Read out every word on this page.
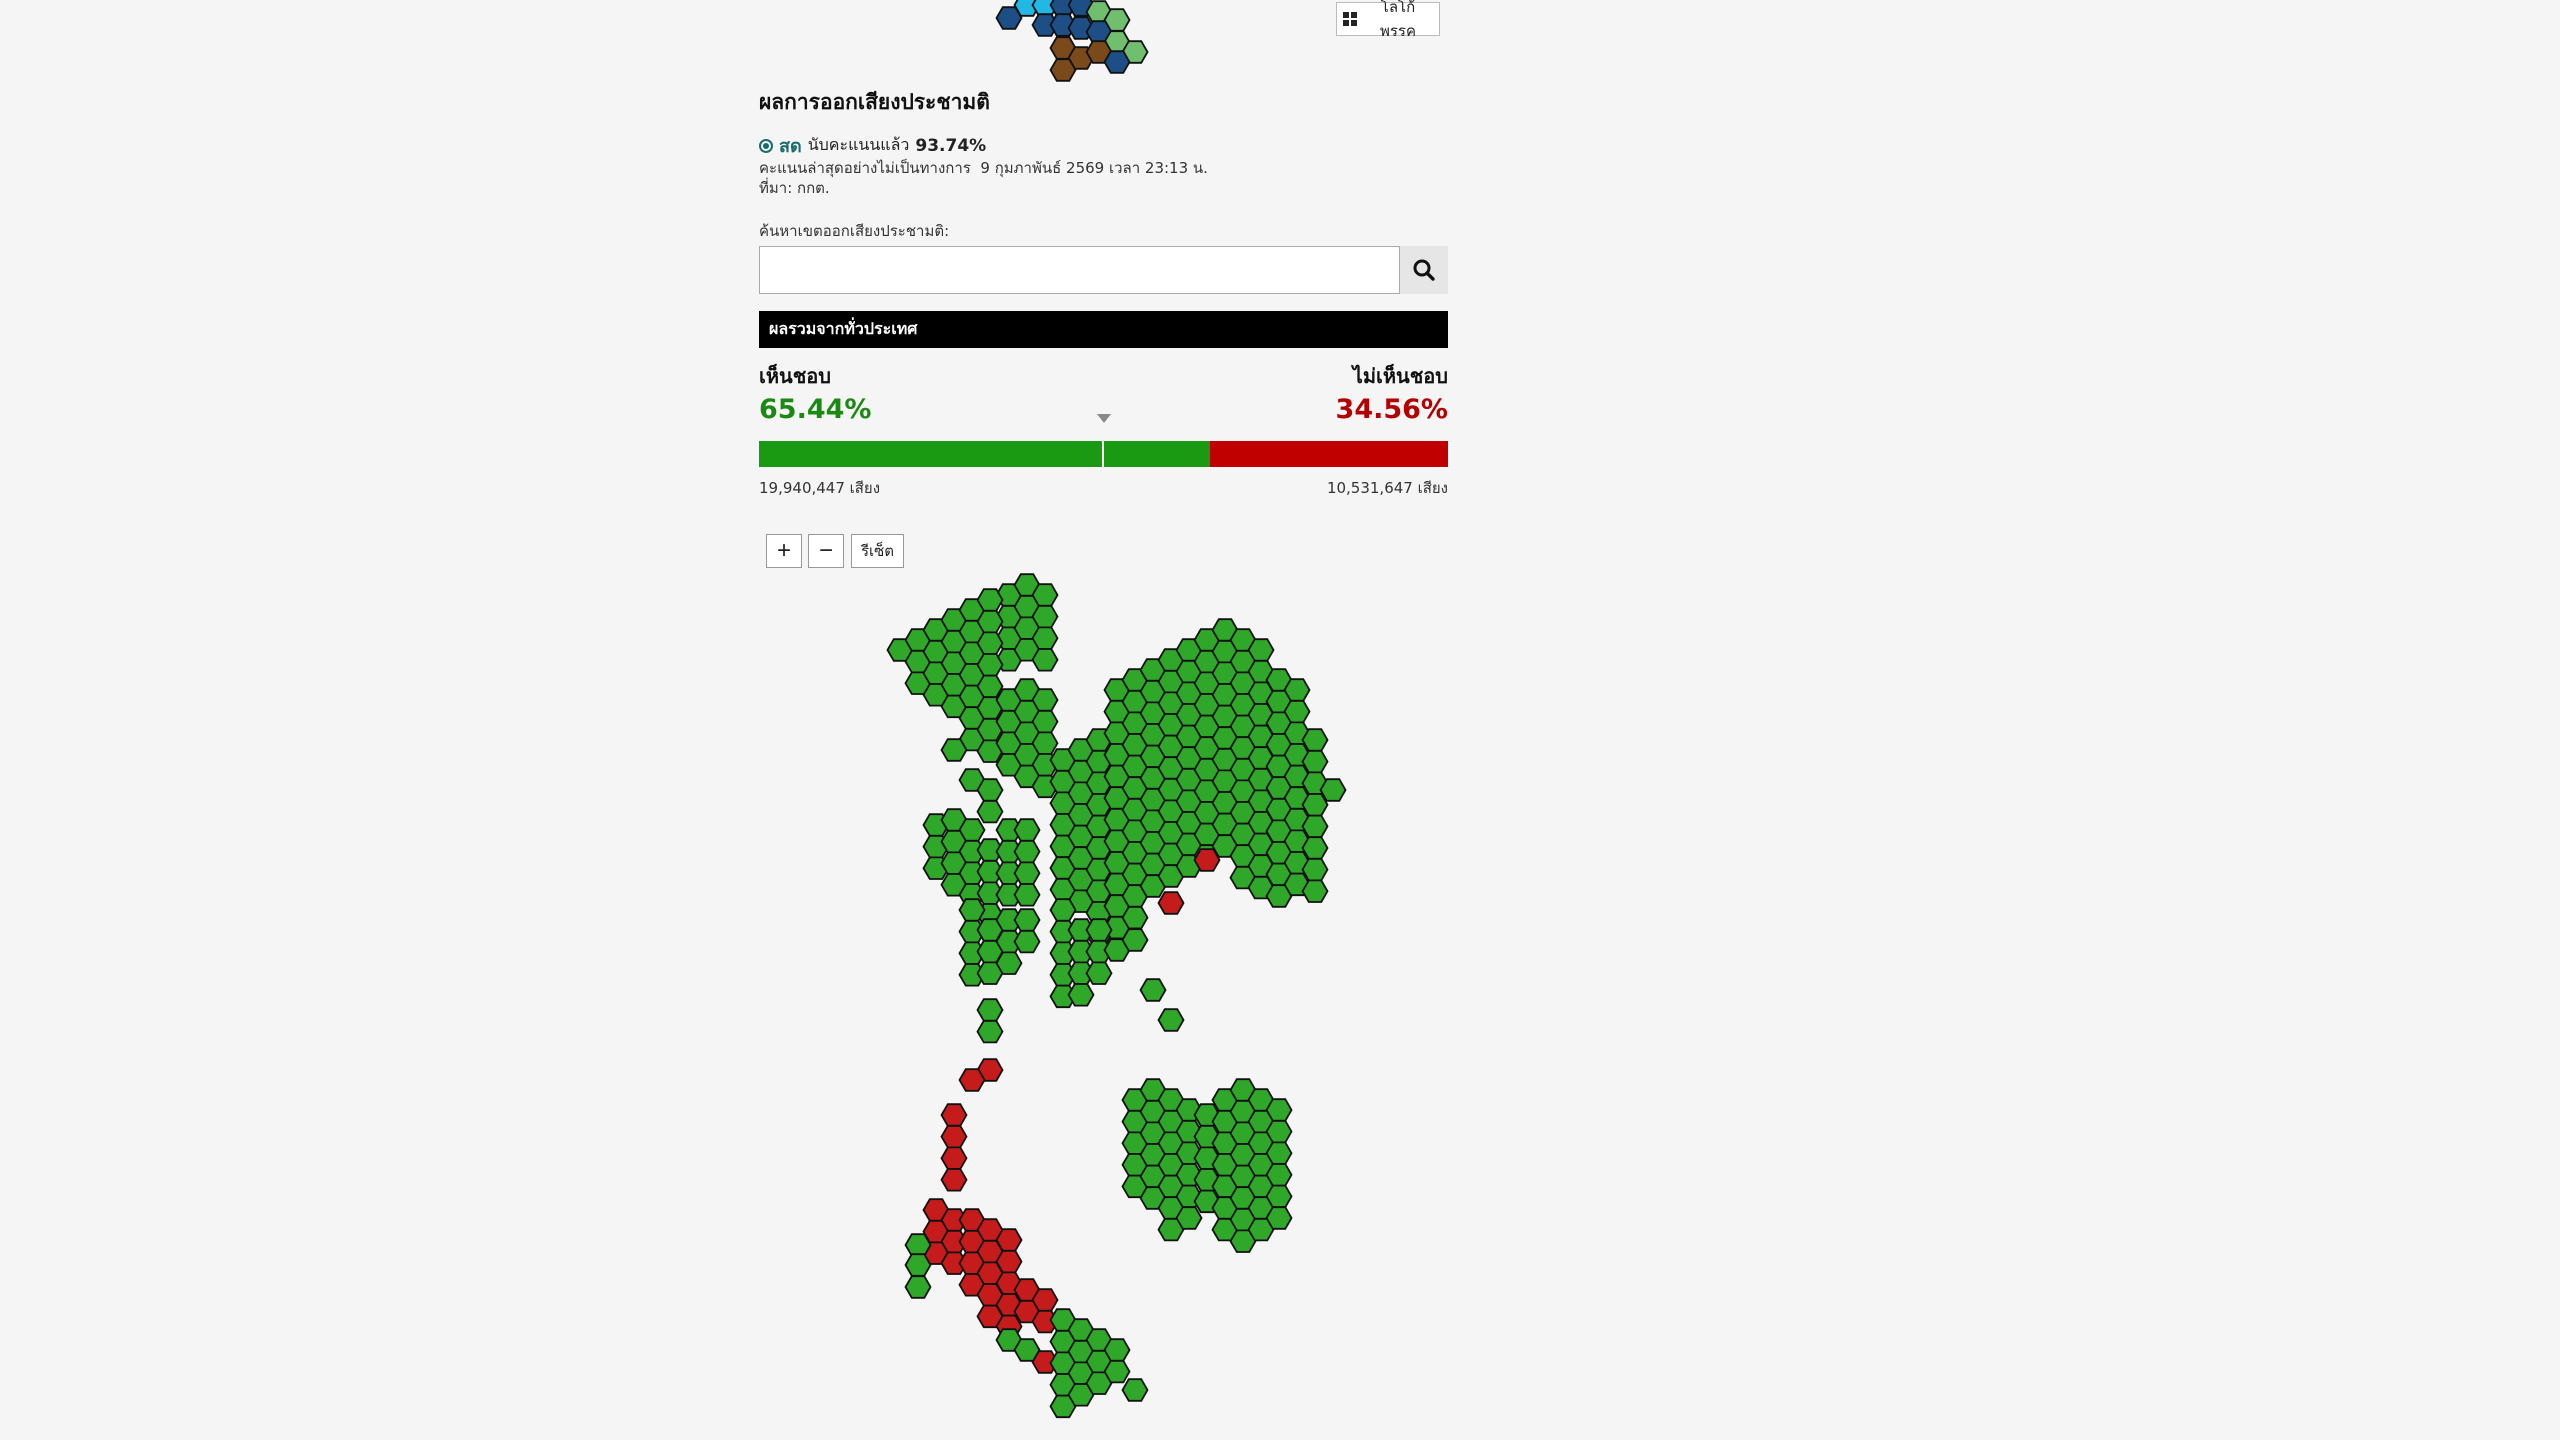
โลโก้พรรค
ผลการออกเสียงประชามติ
สด นับคะแนนแล้ว 93.74%
คะแนนล่าสุดอย่างไม่เป็นทางการ  9 กุมภาพันธ์ 2569 เวลา 23:13 น.
ที่มา: กกต.
ค้นหาเขตออกเสียงประชามติ:
ผลรวมจากทั่วประเทศ
เห็นชอบ	ไม่เห็นชอบ
65.44%	34.56%
19,940,447 เสียง	10,531,647 เสียง
+ −	รีเซ็ต
